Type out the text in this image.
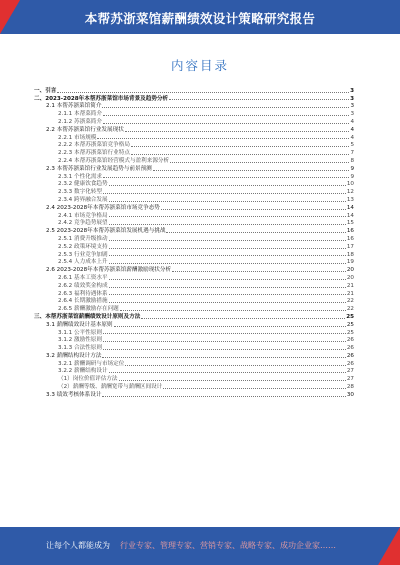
本帮苏浙菜馆薪酬绩效设计策略研究报告
内容目录
一、引言	3
二、2023-2028年本帮苏浙菜馆市场背景及趋势分析	3
2.1 本帮苏浙菜馆简介	3
2.1.1 本帮菜简介	3
2.1.2 苏浙菜简介	4
2.2 本帮苏浙菜馆行业发展现状	4
2.2.1 市场规模	4
2.2.2 本帮苏浙菜馆竞争格局	5
2.2.3 本帮苏浙菜馆行业特点	7
2.2.4 本帮苏浙菜馆经营模式与盈利来源分析	8
2.3 本帮苏浙菜馆行业发展趋势与前景预测	9
2.3.1 个性化需求	9
2.3.2 健康饮食趋势	10
2.3.3 数字化转型	12
2.3.4 跨界融合发展	13
2.4 2023-2028年本帮苏浙菜馆市场竞争态势	14
2.4.1 市场竞争格局	14
2.4.2 竞争趋势展望	15
2.5 2023-2028年本帮苏浙菜馆发展机遇与挑战	16
2.5.1 消费升级推动	16
2.5.2 政策环境支持	17
2.5.3 行业竞争加剧	18
2.5.4 人力成本上升	19
2.6 2023-2028年本帮苏浙菜馆薪酬激励现状分析	20
2.6.1 基本工资水平	20
2.6.2 绩效奖金构成	21
2.6.3 福利待遇体系	21
2.6.4 长期激励措施	22
2.6.5 薪酬激励存在问题	22
三、本帮苏浙菜馆薪酬绩效设计原则及方法	25
3.1 薪酬绩效设计基本原则	25
3.1.1 公平性原则	25
3.1.2 激励性原则	26
3.1.3 合法性原则	26
3.2 薪酬结构设计方法	26
3.2.1 薪酬调研与市场定位	26
3.2.2 薪酬结构设计	27
（1）岗位价值评估方法	27
（2）薪酬等级、薪酬宽带与薪酬区间设计	28
3.3 绩效考核体系设计	30
让每个人都能成为 行业专家、管理专家、营销专家、战略专家、成功企业家……
